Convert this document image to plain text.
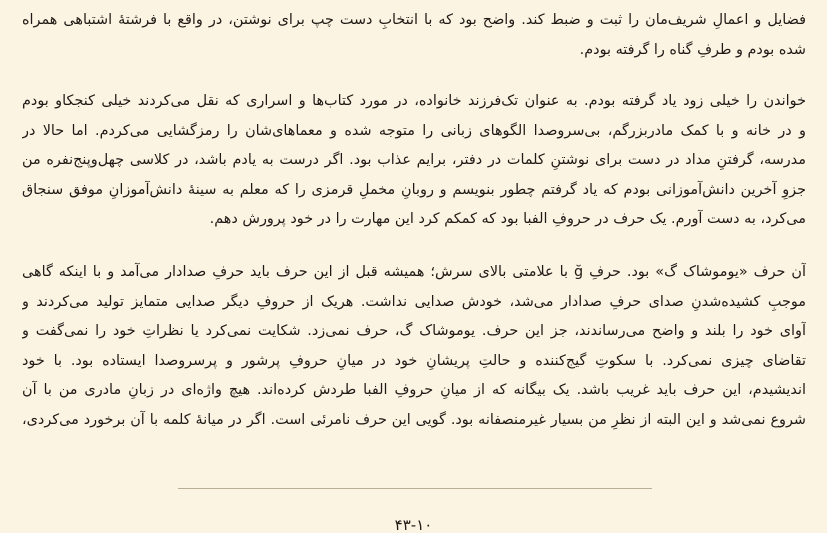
فضایل و اعمالِ شریف‌مان را ثبت و ضبط کند. واضح بود که با انتخابِ دست چپ برای نوشتن، در واقع با فرشتهٔ اشتباهی همراه
شده بودم و طرفِ گناه را گرفته بودم.
خواندن را خیلی زود یاد گرفته بودم. به عنوان تک‌فرزند خانواده، در مورد کتاب‌ها و اسراری که نقل می‌کردند خیلی کنجکاو بودم
و در خانه و با کمک مادربزرگم، بی‌سروصدا الگوهای زبانی را متوجه شده و معماهای‌شان را رمزگشایی می‌کردم. اما حالا در
مدرسه، گرفتنِ مداد در دست برای نوشتنِ کلمات در دفتر، برایم عذاب بود. اگر درست به یادم باشد، در کلاسی چهل‌وپنج‌نفره من
جزوِ آخرین دانش‌آموزانی بودم که یاد گرفتم چطور بنویسم و روبانِ مخملِ قرمزی را که معلم به سینهٔ دانش‌آموزانِ موفق سنجاق
می‌کرد، به دست آورم. یک حرف در حروفِ الفبا بود که کمکم کرد این مهارت را در خود پرورش دهم.
آن حرف «یوموشاک گ» بود. حرفِ ğ با علامتی بالای سرش؛ همیشه قبل از این حرف باید حرفِ صدادار می‌آمد و با اینکه گاهی
موجبِ کشیده‌شدنِ صدای حرفِ صدادار می‌شد، خودش صدایی نداشت. هریک از حروفِ دیگر صدایی متمایز تولید می‌کردند و
آوای خود را بلند و واضح می‌رساندند، جز این حرف. یوموشاک گ، حرف نمی‌زد. شکایت نمی‌کرد یا نظراتِ خود را نمی‌گفت و
تقاضای چیزی نمی‌کرد. با سکوتِ گیج‌کننده و حالتِ پریشانِ خود در میانِ حروفِ پرشور و پرسروصدا ایستاده بود. با خود
اندیشیدم، این حرف باید غریب باشد. یک بیگانه که از میانِ حروفِ الفبا طردش کرده‌اند. هیچ واژه‌ای در زبانِ مادری من با آن
شروع نمی‌شد و این البته از نظرِ من بسیار غیرمنصفانه بود. گویی این حرف نامرئی است. اگر در میانهٔ کلمه با آن برخورد می‌کردی،
۴۳-۱۰
